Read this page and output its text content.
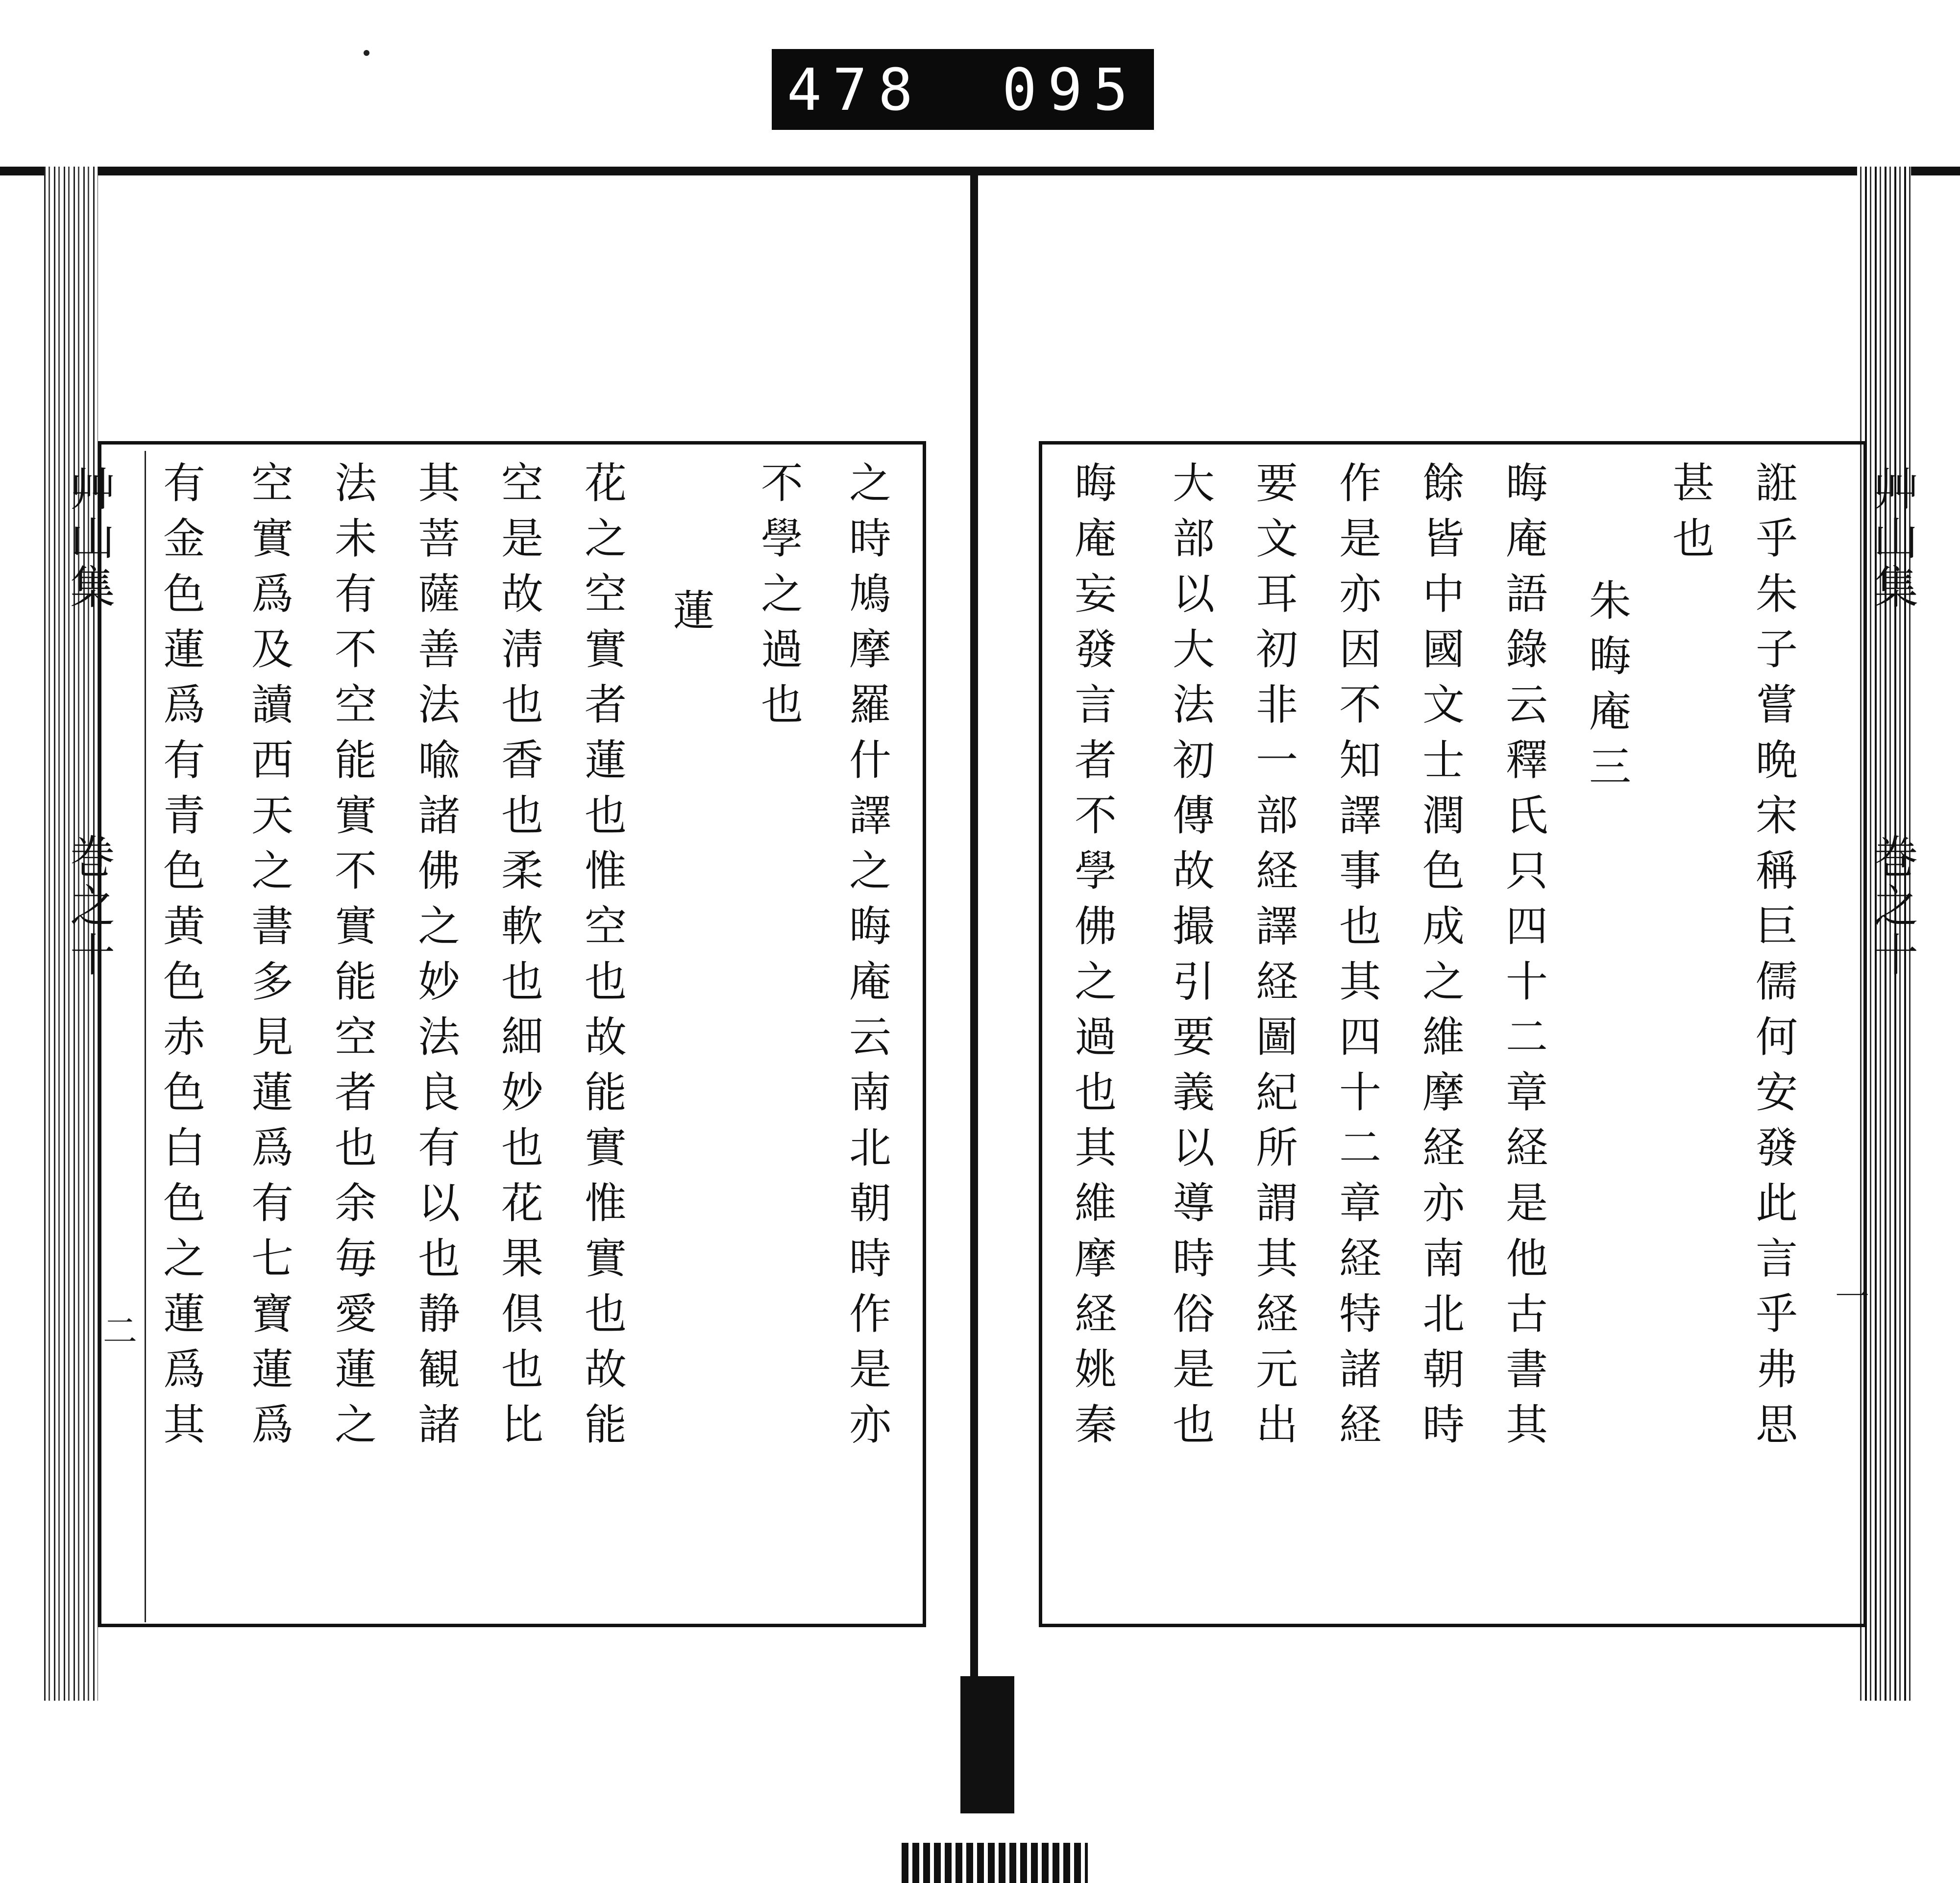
478 095
艸山集
巻之十
二
艸山集
巻之十
一
誑乎朱子嘗晩宋稱巨儒何安發此言乎弗思
甚也
朱晦庵三
晦庵語錄云釋氏只四十二章経是他古書其
餘皆中國文士潤色成之維摩経亦南北朝時
作是亦因不知譯事也其四十二章経特諸経
要文耳初非一部経譯経圖紀所謂其経元出
大部以大法初傳故撮引要義以導時俗是也
晦庵妄發言者不學佛之過也其維摩経姚秦
之時鳩摩羅什譯之晦庵云南北朝時作是亦
不學之過也
蓮
花之空實者蓮也惟空也故能實惟實也故能
空是故淸也香也柔軟也細妙也花果倶也比
其菩薩善法喩諸佛之妙法良有以也静観諸
法未有不空能實不實能空者也余毎愛蓮之
空實爲及讀西天之書多見蓮爲有七寶蓮爲
有金色蓮爲有青色黄色赤色白色之蓮爲其
